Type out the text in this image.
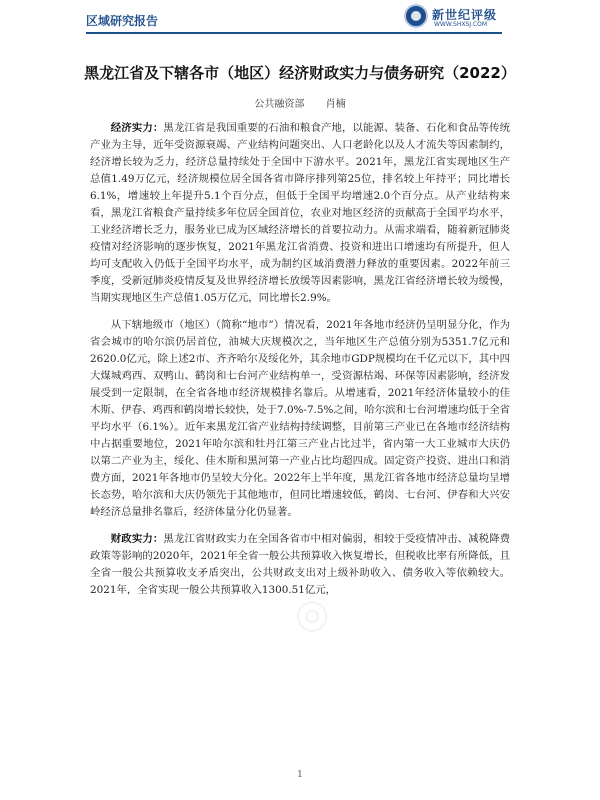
区域研究报告	新世纪评级
WWW.SHXSJ.COM
黑龙江省及下辖各市（地区）经济财政实力与债务研究（2022）
公共融资部 肖楠

经济实力：黑龙江省是我国重要的石油和粮食产地，以能源、装备、石化和食品等传统产业为主导，近年受资源衰竭、产业结构问题突出、人口老龄化以及人才流失等因素制约，经济增长较为乏力，经济总量持续处于全国中下游水平。2021年，黑龙江省实现地区生产总值1.49万亿元，经济规模位居全国各省市降序排列第25位，排名较上年持平；同比增长6.1%，增速较上年提升5.1个百分点，但低于全国平均增速2.0个百分点。从产业结构来看，黑龙江省粮食产量持续多年位居全国首位，农业对地区经济的贡献高于全国平均水平，工业经济增长乏力，服务业已成为区域经济增长的首要拉动力。从需求端看，随着新冠肺炎疫情对经济影响的逐步恢复，2021年黑龙江省消费、投资和进出口增速均有所提升，但人均可支配收入仍低于全国平均水平，成为制约区域消费潜力释放的重要因素。2022年前三季度，受新冠肺炎疫情反复及世界经济增长放缓等因素影响，黑龙江省经济增长较为缓慢，当期实现地区生产总值1.05万亿元，同比增长2.9%。

从下辖地级市（地区）（简称“地市”）情况看，2021年各地市经济仍呈明显分化，作为省会城市的哈尔滨仍居首位，油城大庆规模次之，当年地区生产总值分别为5351.7亿元和2620.0亿元，除上述2市、齐齐哈尔及绥化外，其余地市GDP规模均在千亿元以下，其中四大煤城鸡西、双鸭山、鹤岗和七台河产业结构单一，受资源枯竭、环保等因素影响，经济发展受到一定限制，在全省各地市经济规模排名靠后。从增速看，2021年经济体量较小的佳木斯、伊春、鸡西和鹤岗增长较快，处于7.0%-7.5%之间，哈尔滨和七台河增速均低于全省平均水平（6.1%）。近年来黑龙江省产业结构持续调整，目前第三产业已在各地市经济结构中占据重要地位，2021年哈尔滨和牡丹江第三产业占比过半，省内第一大工业城市大庆仍以第二产业为主，绥化、佳木斯和黑河第一产业占比均超四成。固定资产投资、进出口和消费方面，2021年各地市仍呈较大分化。2022年上半年度，黑龙江省各地市经济总量均呈增长态势，哈尔滨和大庆仍领先于其他地市，但同比增速较低，鹤岗、七台河、伊春和大兴安岭经济总量排名靠后，经济体量分化仍显著。

财政实力：黑龙江省财政实力在全国各省市中相对偏弱，相较于受疫情冲击、减税降费政策等影响的2020年，2021年全省一般公共预算收入恢复增长，但税收比率有所降低，且全省一般公共预算收支矛盾突出，公共财政支出对上级补助收入、债务收入等依赖较大。2021年，全省实现一般公共预算收入1300.51亿元，

◎
1
